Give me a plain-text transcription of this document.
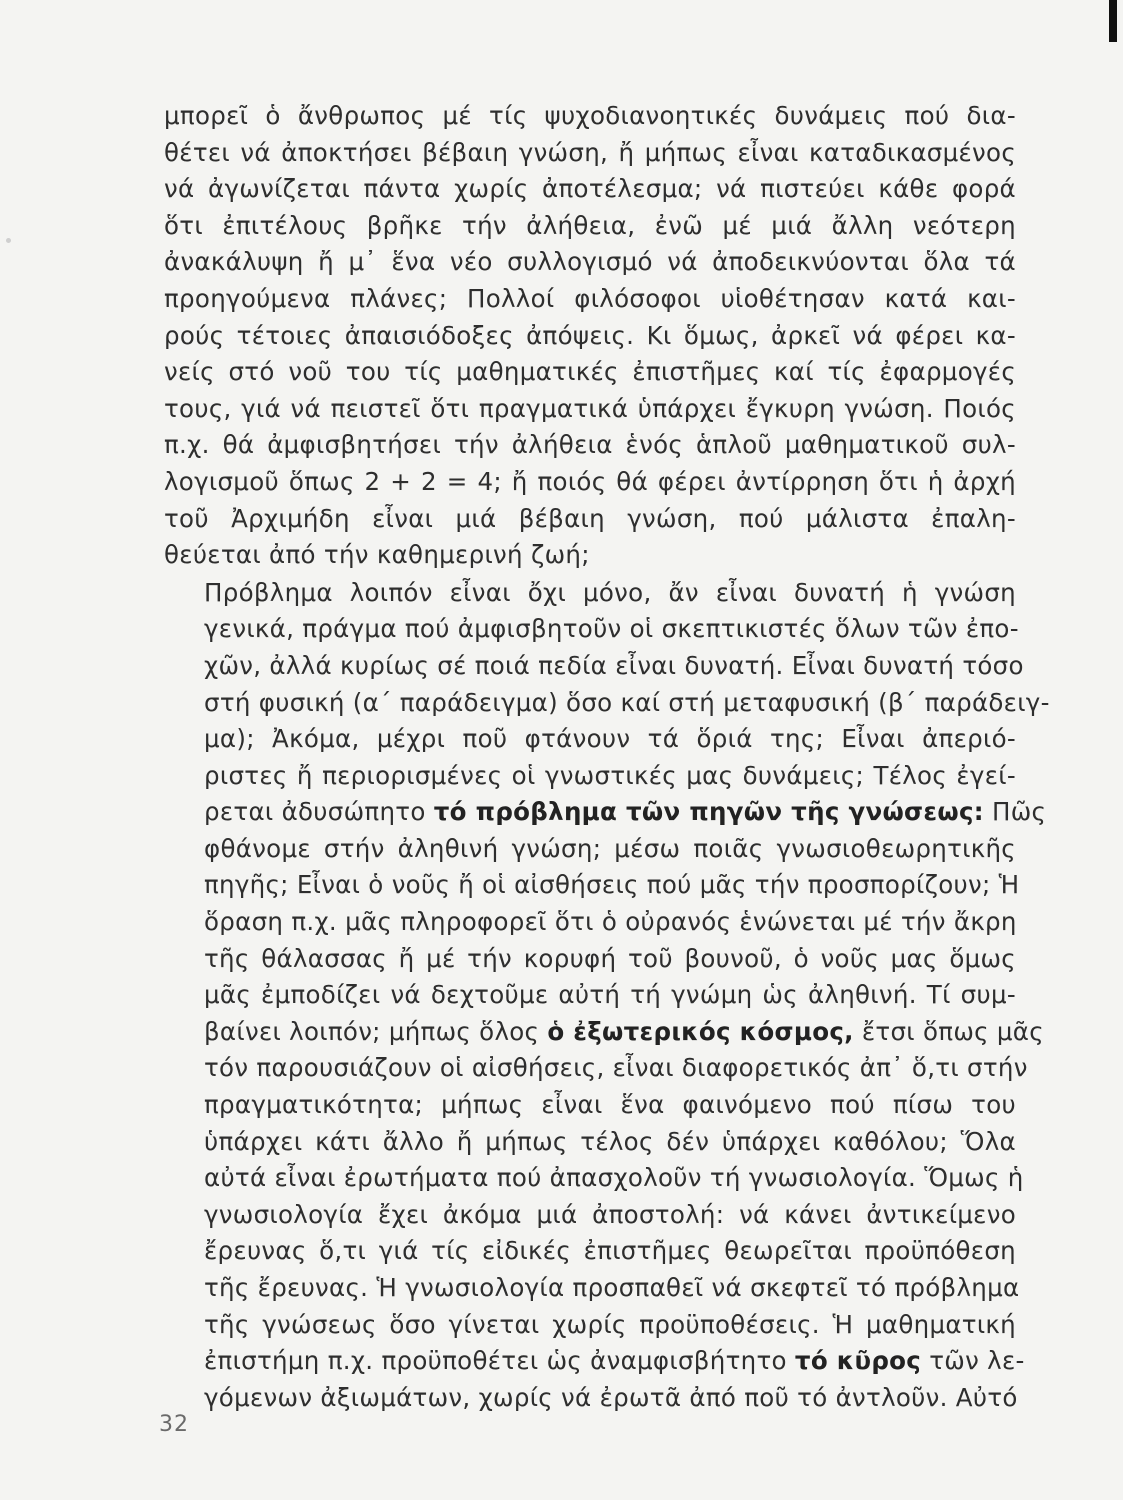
μπορεῖ ὁ ἄνθρωπος μέ τίς ψυχοδιανοητικές δυνάμεις πού δια-
θέτει νά ἀποκτήσει βέβαιη γνώση, ἤ μήπως εἶναι καταδικασμένος
νά ἀγωνίζεται πάντα χωρίς ἀποτέλεσμα; νά πιστεύει κάθε φορά
ὅτι ἐπιτέλους βρῆκε τήν ἀλήθεια, ἐνῶ μέ μιά ἄλλη νεότερη
ἀνακάλυψη ἤ μ᾽ ἕνα νέο συλλογισμό νά ἀποδεικνύονται ὅλα τά
προηγούμενα πλάνες; Πολλοί φιλόσοφοι υἱοθέτησαν κατά και-
ρούς τέτοιες ἀπαισιόδοξες ἀπόψεις. Κι ὅμως, ἀρκεῖ νά φέρει κα-
νείς στό νοῦ του τίς μαθηματικές ἐπιστῆμες καί τίς ἐφαρμογές
τους, γιά νά πειστεῖ ὅτι πραγματικά ὑπάρχει ἔγκυρη γνώση. Ποιός
π.χ. θά ἀμφισβητήσει τήν ἀλήθεια ἑνός ἁπλοῦ μαθηματικοῦ συλ-
λογισμοῦ ὅπως 2 + 2 = 4; ἤ ποιός θά φέρει ἀντίρρηση ὅτι ἡ ἀρχή
τοῦ Ἀρχιμήδη εἶναι μιά βέβαιη γνώση, πού μάλιστα ἐπαλη-
θεύεται ἀπό τήν καθημερινή ζωή;

Πρόβλημα λοιπόν εἶναι ὄχι μόνο, ἄν εἶναι δυνατή ἡ γνώση
γενικά, πράγμα πού ἀμφισβητοῦν οἱ σκεπτικιστές ὅλων τῶν ἐπο-
χῶν, ἀλλά κυρίως σέ ποιά πεδία εἶναι δυνατή. Εἶναι δυνατή τόσο
στή φυσική (α´ παράδειγμα) ὅσο καί στή μεταφυσική (β´ παράδειγ-
μα); Ἀκόμα, μέχρι ποῦ φτάνουν τά ὅριά της; Εἶναι ἀπεριό-
ριστες ἤ περιορισμένες οἱ γνωστικές μας δυνάμεις; Τέλος ἐγεί-
ρεται ἀδυσώπητο τό πρόβλημα τῶν πηγῶν τῆς γνώσεως: Πῶς
φθάνομε στήν ἀληθινή γνώση; μέσω ποιᾶς γνωσιοθεωρητικῆς
πηγῆς; Εἶναι ὁ νοῦς ἤ οἱ αἰσθήσεις πού μᾶς τήν προσπορίζουν; Ἡ
ὅραση π.χ. μᾶς πληροφορεῖ ὅτι ὁ οὐρανός ἑνώνεται μέ τήν ἄκρη
τῆς θάλασσας ἤ μέ τήν κορυφή τοῦ βουνοῦ, ὁ νοῦς μας ὅμως
μᾶς ἐμποδίζει νά δεχτοῦμε αὐτή τή γνώμη ὡς ἀληθινή. Τί συμ-
βαίνει λοιπόν; μήπως ὅλος ὁ ἐξωτερικός κόσμος, ἔτσι ὅπως μᾶς
τόν παρουσιάζουν οἱ αἰσθήσεις, εἶναι διαφορετικός ἀπ᾽ ὅ,τι στήν
πραγματικότητα; μήπως εἶναι ἕνα φαινόμενο πού πίσω του
ὑπάρχει κάτι ἄλλο ἤ μήπως τέλος δέν ὑπάρχει καθόλου; Ὅλα
αὐτά εἶναι ἐρωτήματα πού ἀπασχολοῦν τή γνωσιολογία. Ὅμως ἡ
γνωσιολογία ἔχει ἀκόμα μιά ἀποστολή: νά κάνει ἀντικείμενο
ἔρευνας ὅ,τι γιά τίς εἰδικές ἐπιστῆμες θεωρεῖται προϋπόθεση
τῆς ἔρευνας. Ἡ γνωσιολογία προσπαθεῖ νά σκεφτεῖ τό πρόβλημα
τῆς γνώσεως ὅσο γίνεται χωρίς προϋποθέσεις. Ἡ μαθηματική
ἐπιστήμη π.χ. προϋποθέτει ὡς ἀναμφισβήτητο τό κῦρος τῶν λε-
γόμενων ἀξιωμάτων, χωρίς νά ἐρωτᾶ ἀπό ποῦ τό ἀντλοῦν. Αὐτό

32
